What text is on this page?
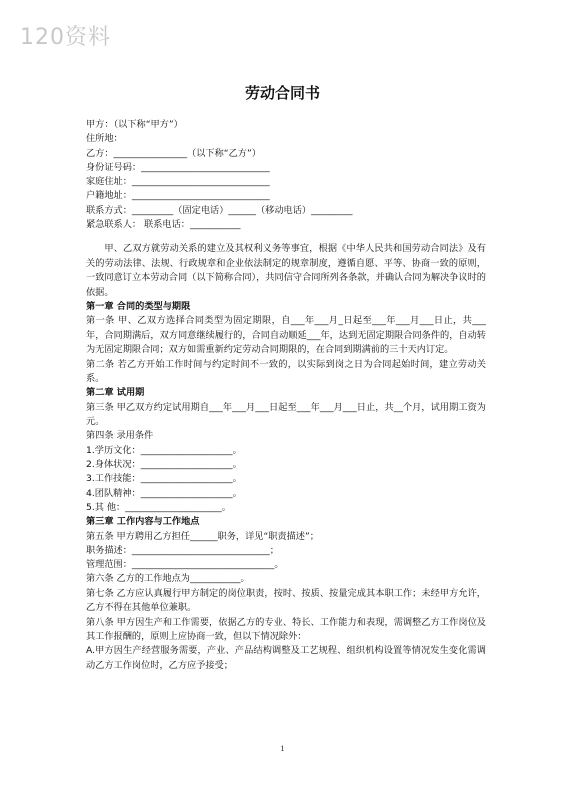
120资料
劳动合同书
甲方：（以下称“甲方”）
住所地：
乙方：________________（以下称“乙方”）
身份证号码：____________________________
家庭住址：______________________________
户籍地址：______________________________
联系方式：_________（固定电话）______（移动电话）_________
紧急联系人： 联系电话：___________

甲、乙双方就劳动关系的建立及其权利义务等事宜，根据《中华人民共和国劳动合同法》及有关的劳动法律、法规、行政规章和企业依法制定的规章制度，遵循自愿、平等、协商一致的原则，一致同意订立本劳动合同（以下简称合同），共同信守合同所列各条款，并确认合同为解决争议时的依据。

第一章 合同的类型与期限

第一条 甲、乙双方选择合同类型为固定期限，自___年___月_日起至___年___月___日止，共___年，合同期满后，双方同意继续履行的，合同自动顺延___年，达到无固定期限合同条件的，自动转为无固定期限合同；双方如需重新约定劳动合同期限的，在合同到期满前的三十天内订定。

第二条 若乙方开始工作时间与约定时间不一致的，以实际到岗之日为合同起始时间，建立劳动关系。

第二章 试用期

第三条 甲乙双方约定试用期自___年___月___日起至___年___月___日止，共__个月，试用期工资为 元。

第四条 录用条件
1.学历文化：____________________。
2.身体状况：____________________。
3.工作技能：____________________。
4.团队精神：____________________。
5.其 他：_____________________。
第三章 工作内容与工作地点
第五条 甲方聘用乙方担任______职务，详见“职责描述”；
职务描述：______________________________；
管理范围：_______________________________。
第六条 乙方的工作地点为___________。

第七条 乙方应认真履行甲方制定的岗位职责，按时、按质、按量完成其本职工作；未经甲方允许，乙方不得在其他单位兼职。

第八条 甲方因生产和工作需要，依据乙方的专业、特长、工作能力和表现，需调整乙方工作岗位及其工作报酬的，原则上应协商一致，但以下情况除外：

A.甲方因生产经营服务需要，产业、产品结构调整及工艺规程、组织机构设置等情况发生变化需调动乙方工作岗位时，乙方应予接受；

1
